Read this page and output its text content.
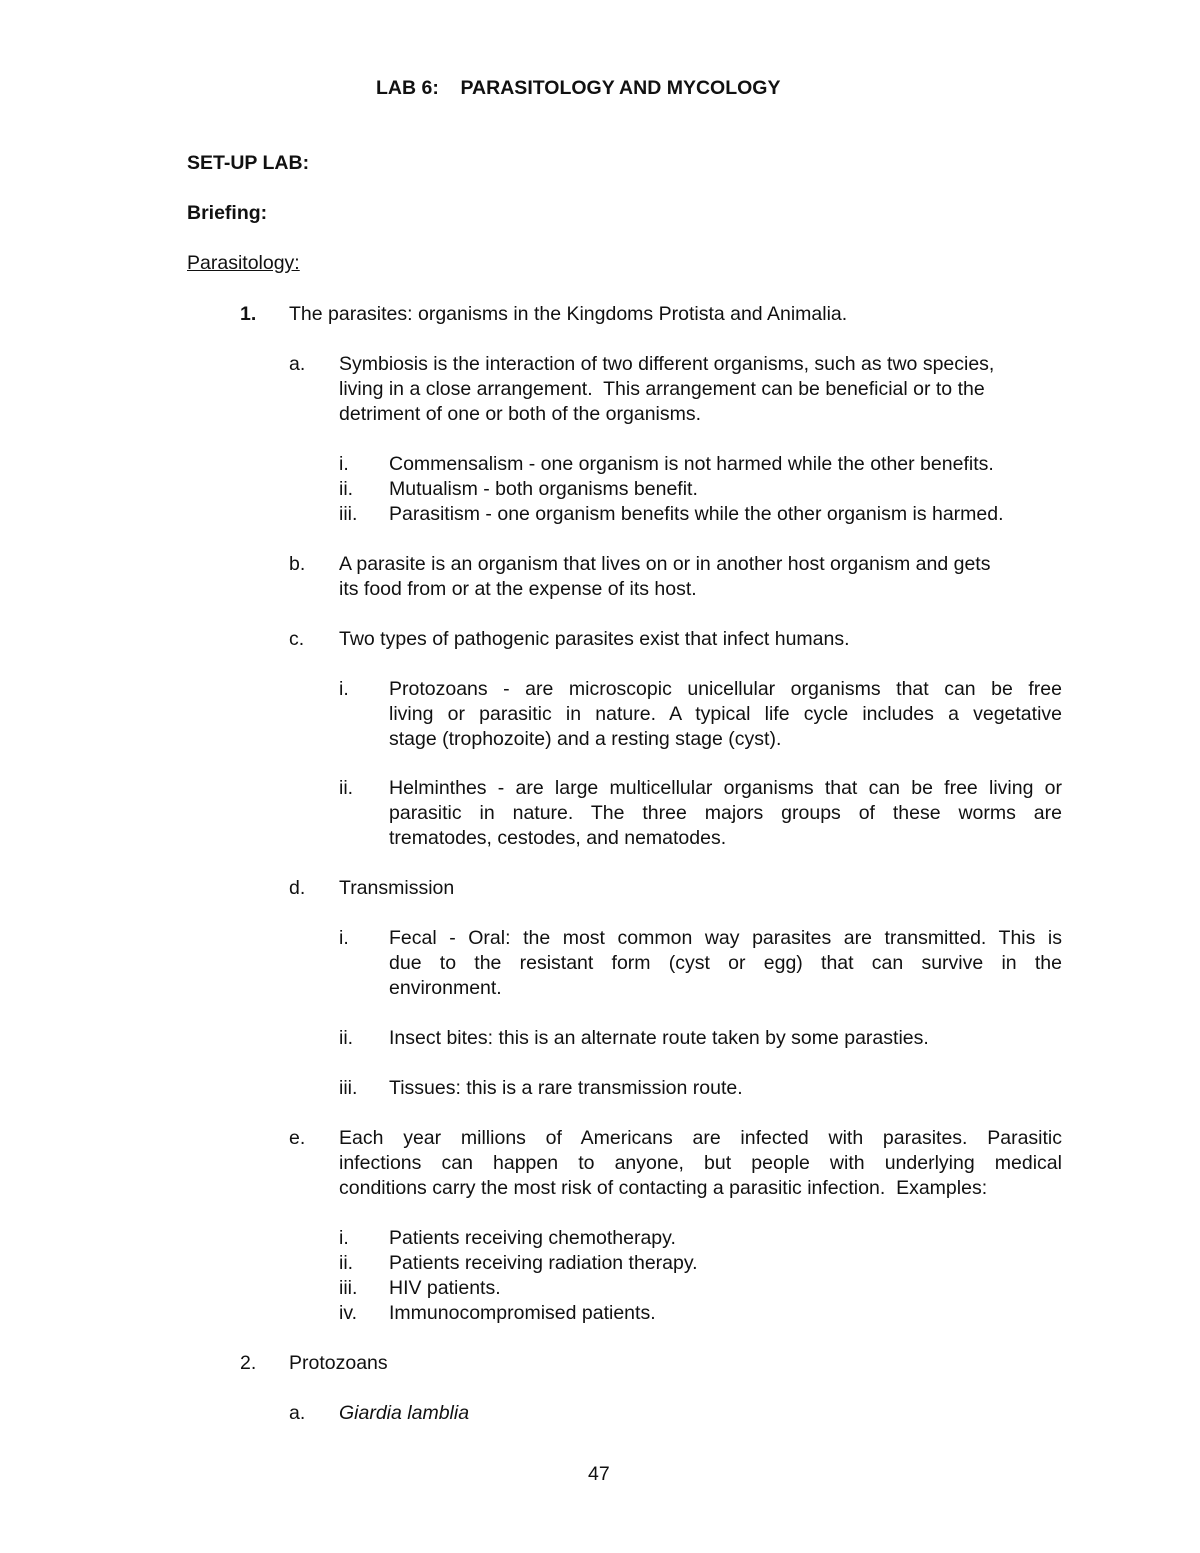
LAB 6:    PARASITOLOGY AND MYCOLOGY
SET-UP LAB:
Briefing:
Parasitology:
1. The parasites: organisms in the Kingdoms Protista and Animalia.
a. Symbiosis is the interaction of two different organisms, such as two species,
living in a close arrangement.  This arrangement can be beneficial or to the
detriment of one or both of the organisms.
i. Commensalism - one organism is not harmed while the other benefits.
ii. Mutualism - both organisms benefit.
iii. Parasitism - one organism benefits while the other organism is harmed.
b. A parasite is an organism that lives on or in another host organism and gets
its food from or at the expense of its host.
c. Two types of pathogenic parasites exist that infect humans.
i. Protozoans - are microscopic unicellular organisms that can be free
living or parasitic in nature. A typical life cycle includes a vegetative
stage (trophozoite) and a resting stage (cyst).
ii. Helminthes - are large multicellular organisms that can be free living or
parasitic in nature. The three majors groups of these worms are
trematodes, cestodes, and nematodes.
d. Transmission
i. Fecal - Oral: the most common way parasites are transmitted. This is
due to the resistant form (cyst or egg) that can survive in the
environment.
ii. Insect bites: this is an alternate route taken by some parasties.
iii. Tissues: this is a rare transmission route.
e. Each year millions of Americans are infected with parasites. Parasitic
infections can happen to anyone, but people with underlying medical
conditions carry the most risk of contacting a parasitic infection.  Examples:
i. Patients receiving chemotherapy.
ii. Patients receiving radiation therapy.
iii. HIV patients.
iv. Immunocompromised patients.
2. Protozoans
a. Giardia lamblia
47
